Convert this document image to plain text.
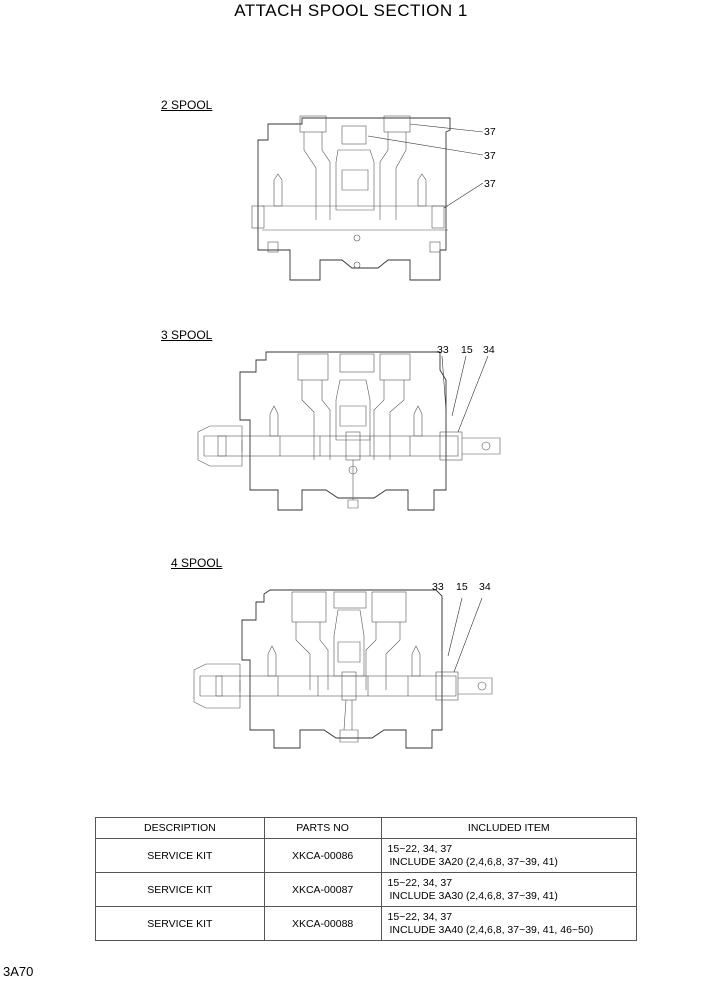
ATTACH SPOOL SECTION 1
2 SPOOL
37
37
37
3 SPOOL
33 15 34
4 SPOOL
33 15 34
DESCRIPTION	PARTS NO	INCLUDED ITEM
SERVICE KIT	XKCA-00086	15~22, 34, 37
INCLUDE 3A20 (2,4,6,8, 37~39, 41)

SERVICE KIT	XKCA-00087	15~22, 34, 37
INCLUDE 3A30 (2,4,6,8, 37~39, 41)

SERVICE KIT	XKCA-00088	15~22, 34, 37
INCLUDE 3A40 (2,4,6,8, 37~39, 41, 46~50)
3A70
